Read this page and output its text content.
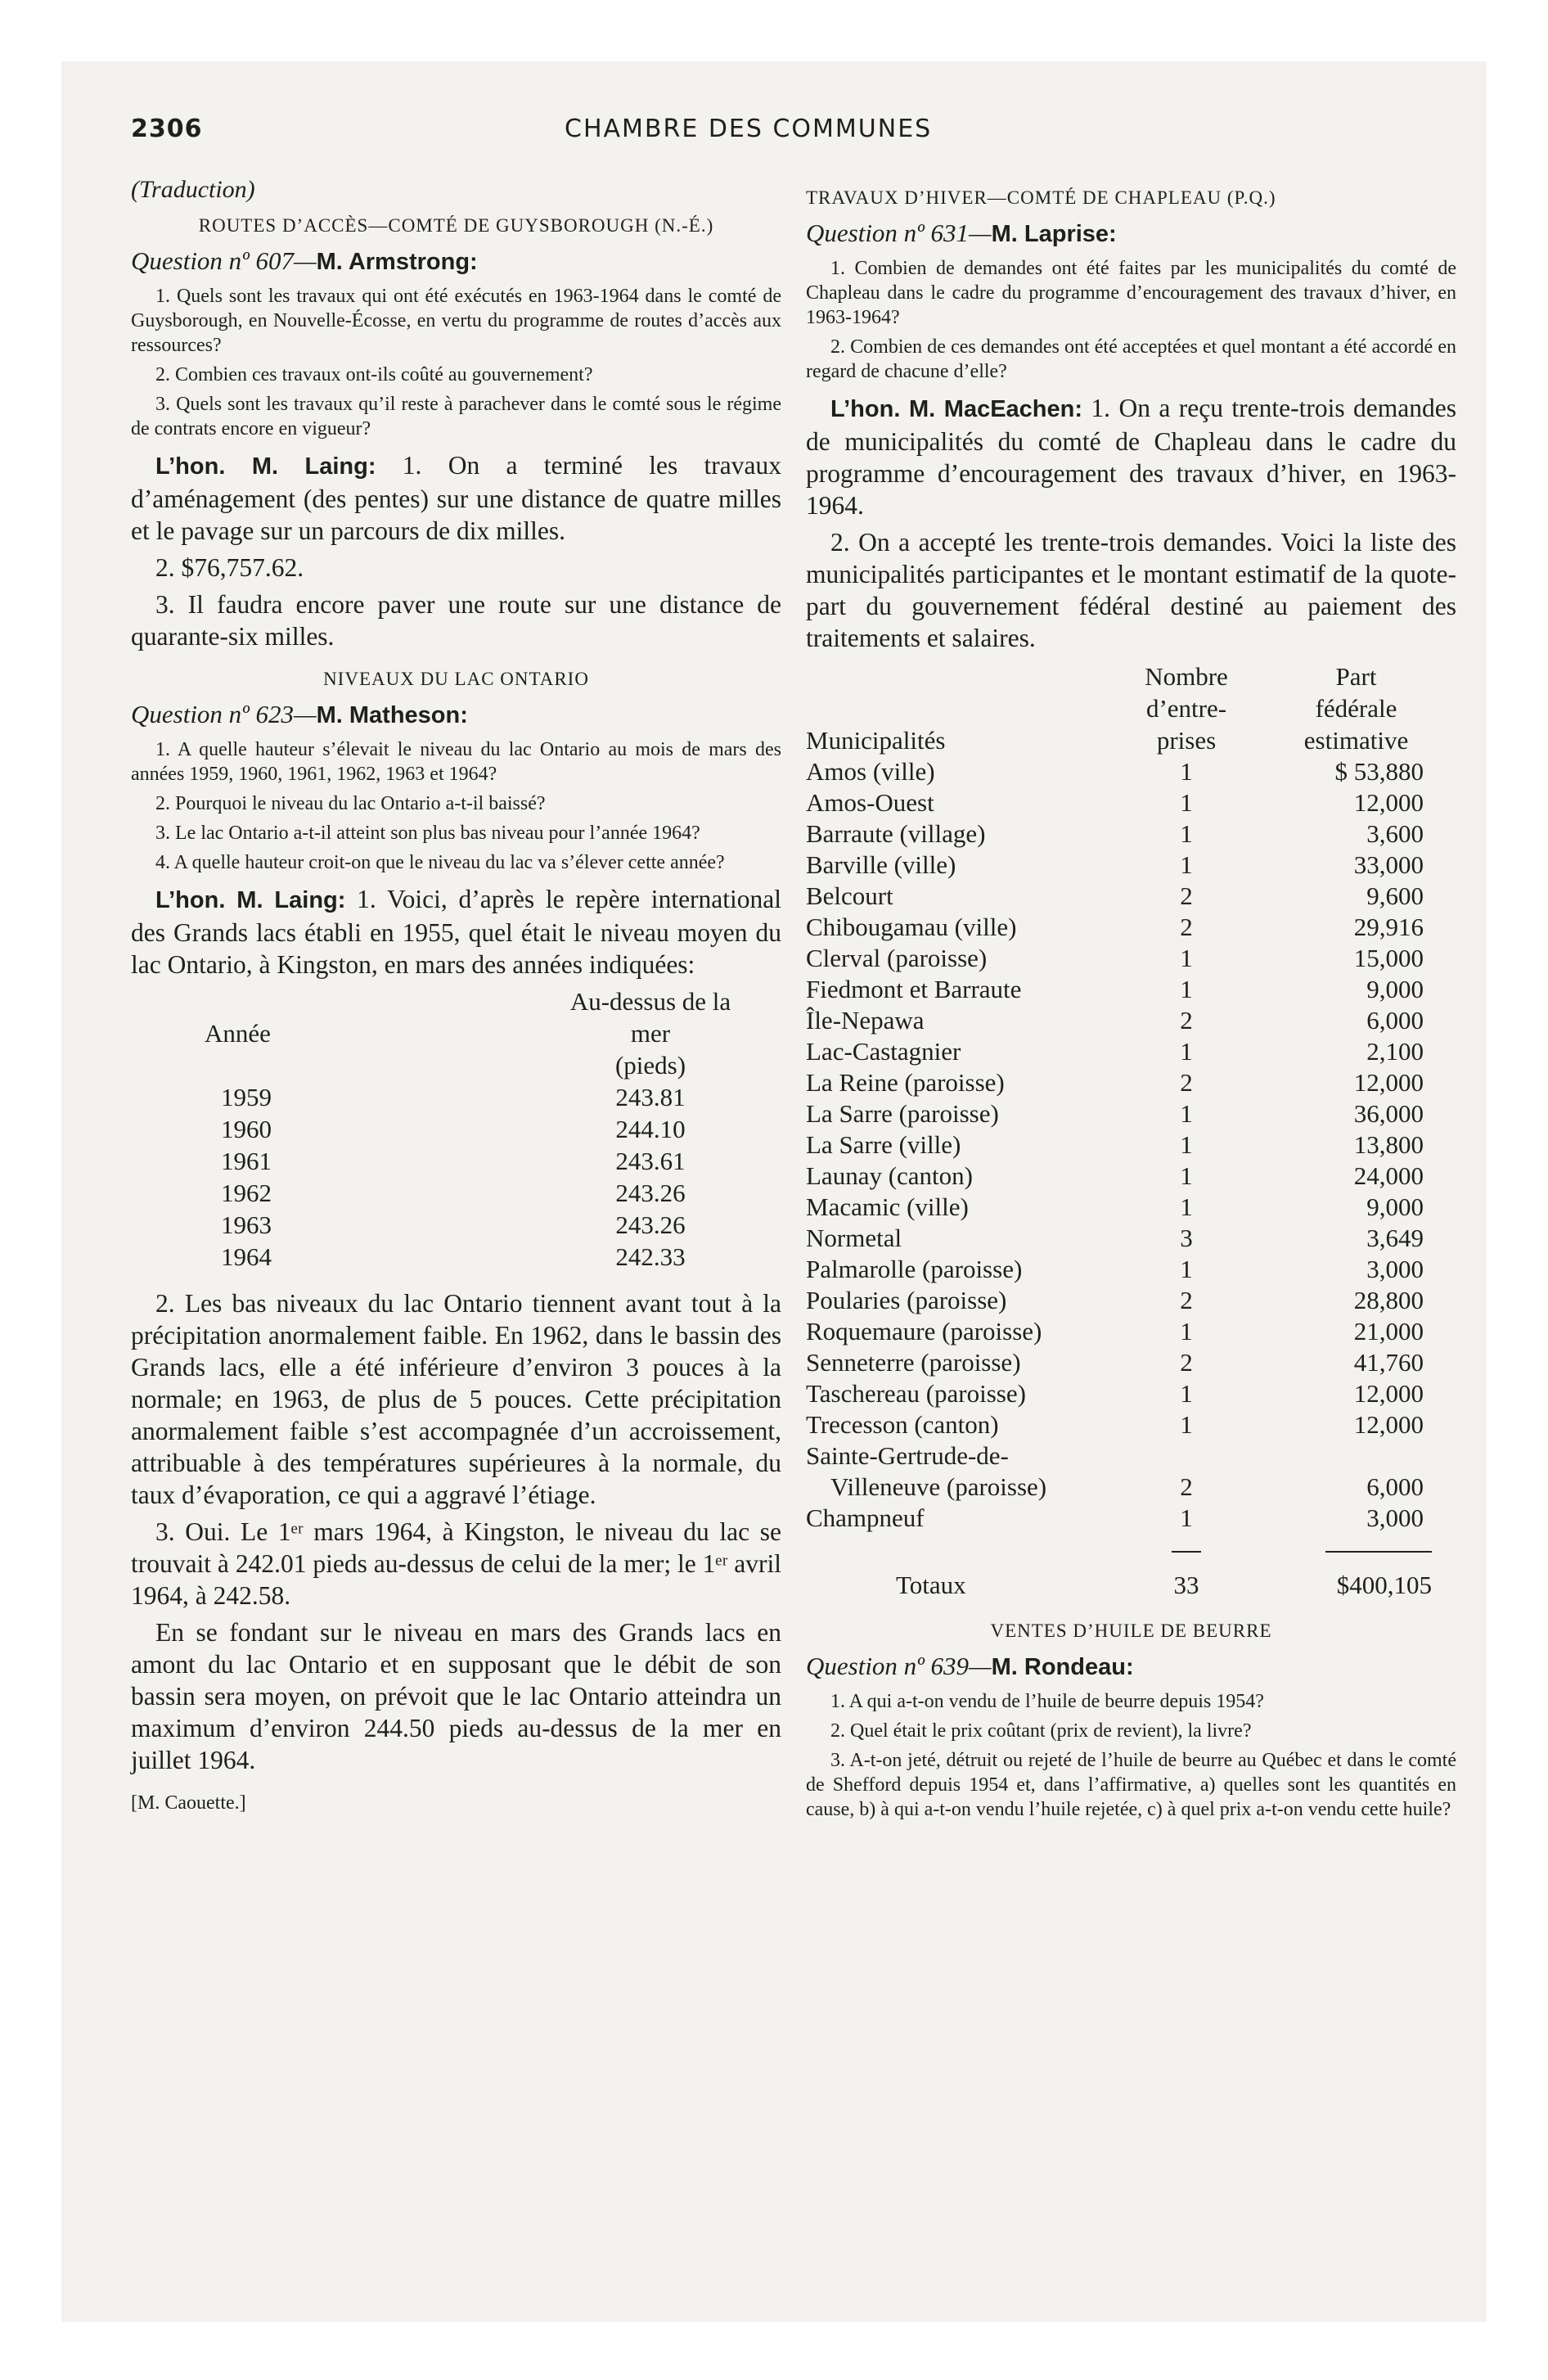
2306	CHAMBRE DES COMMUNES

(Traduction)

ROUTES D’ACCÈS—COMTÉ DE GUYSBOROUGH (N.-É.)

Question nº 607—M. Armstrong:

1. Quels sont les travaux qui ont été exécutés en 1963-1964 dans le comté de Guysborough, en Nouvelle-Écosse, en vertu du programme de routes d’accès aux ressources?

2. Combien ces travaux ont-ils coûté au gouvernement?

3. Quels sont les travaux qu’il reste à parachever dans le comté sous le régime de contrats encore en vigueur?

L’hon. M. Laing: 1. On a terminé les travaux d’aménagement (des pentes) sur une distance de quatre milles et le pavage sur un parcours de dix milles.

2. $76,757.62.

3. Il faudra encore paver une route sur une distance de quarante-six milles.

NIVEAUX DU LAC ONTARIO

Question nº 623—M. Matheson:

1. A quelle hauteur s’élevait le niveau du lac Ontario au mois de mars des années 1959, 1960, 1961, 1962, 1963 et 1964?

2. Pourquoi le niveau du lac Ontario a-t-il baissé?

3. Le lac Ontario a-t-il atteint son plus bas niveau pour l’année 1964?

4. A quelle hauteur croit-on que le niveau du lac va s’élever cette année?

L’hon. M. Laing: 1. Voici, d’après le repère international des Grands lacs établi en 1955, quel était le niveau moyen du lac Ontario, à Kingston, en mars des années indiquées:

Année	Au-dessus de la mer
	(pieds)
1959	243.81
1960	244.10
1961	243.61
1962	243.26
1963	243.26
1964	242.33

2. Les bas niveaux du lac Ontario tiennent avant tout à la précipitation anormalement faible. En 1962, dans le bassin des Grands lacs, elle a été inférieure d’environ 3 pouces à la normale; en 1963, de plus de 5 pouces. Cette précipitation anormalement faible s’est accompagnée d’un accroissement, attribuable à des températures supérieures à la normale, du taux d’évaporation, ce qui a aggravé l’étiage.

3. Oui. Le 1ᵉʳ mars 1964, à Kingston, le niveau du lac se trouvait à 242.01 pieds au-dessus de celui de la mer; le 1ᵉʳ avril 1964, à 242.58.

En se fondant sur le niveau en mars des Grands lacs en amont du lac Ontario et en supposant que le débit de son bassin sera moyen, on prévoit que le lac Ontario atteindra un maximum d’environ 244.50 pieds au-dessus de la mer en juillet 1964.

[M. Caouette.]

TRAVAUX D’HIVER—COMTÉ DE CHAPLEAU (P.Q.)

Question nº 631—M. Laprise:

1. Combien de demandes ont été faites par les municipalités du comté de Chapleau dans le cadre du programme d’encouragement des travaux d’hiver, en 1963-1964?

2. Combien de ces demandes ont été acceptées et quel montant a été accordé en regard de chacune d’elle?

L’hon. M. MacEachen: 1. On a reçu trente-trois demandes de municipalités du comté de Chapleau dans le cadre du programme d’encouragement des travaux d’hiver, en 1963-1964.

2. On a accepté les trente-trois demandes. Voici la liste des municipalités participantes et le montant estimatif de la quote-part du gouvernement fédéral destiné au paiement des traitements et salaires.

	Nombre	Part
	d’entre-	fédérale
Municipalités	prises	estimative
Amos (ville)	1	$ 53,880
Amos-Ouest	1	12,000
Barraute (village)	1	3,600
Barville (ville)	1	33,000
Belcourt	2	9,600
Chibougamau (ville)	2	29,916
Clerval (paroisse)	1	15,000
Fiedmont et Barraute	1	9,000
Île-Nepawa	2	6,000
Lac-Castagnier	1	2,100
La Reine (paroisse)	2	12,000
La Sarre (paroisse)	1	36,000
La Sarre (ville)	1	13,800
Launay (canton)	1	24,000
Macamic (ville)	1	9,000
Normetal	3	3,649
Palmarolle (paroisse)	1	3,000
Poularies (paroisse)	2	28,800
Roquemaure (paroisse)	1	21,000
Senneterre (paroisse)	2	41,760
Taschereau (paroisse)	1	12,000
Trecesson (canton)	1	12,000
Sainte-Gertrude-de-
Villeneuve (paroisse)	2	6,000
Champneuf	1	3,000

Totaux	33	$400,105

VENTES D’HUILE DE BEURRE

Question nº 639—M. Rondeau:

1. A qui a-t-on vendu de l’huile de beurre depuis 1954?

2. Quel était le prix coûtant (prix de revient), la livre?

3. A-t-on jeté, détruit ou rejeté de l’huile de beurre au Québec et dans le comté de Shefford depuis 1954 et, dans l’affirmative, a) quelles sont les quantités en cause, b) à qui a-t-on vendu l’huile rejetée, c) à quel prix a-t-on vendu cette huile?
